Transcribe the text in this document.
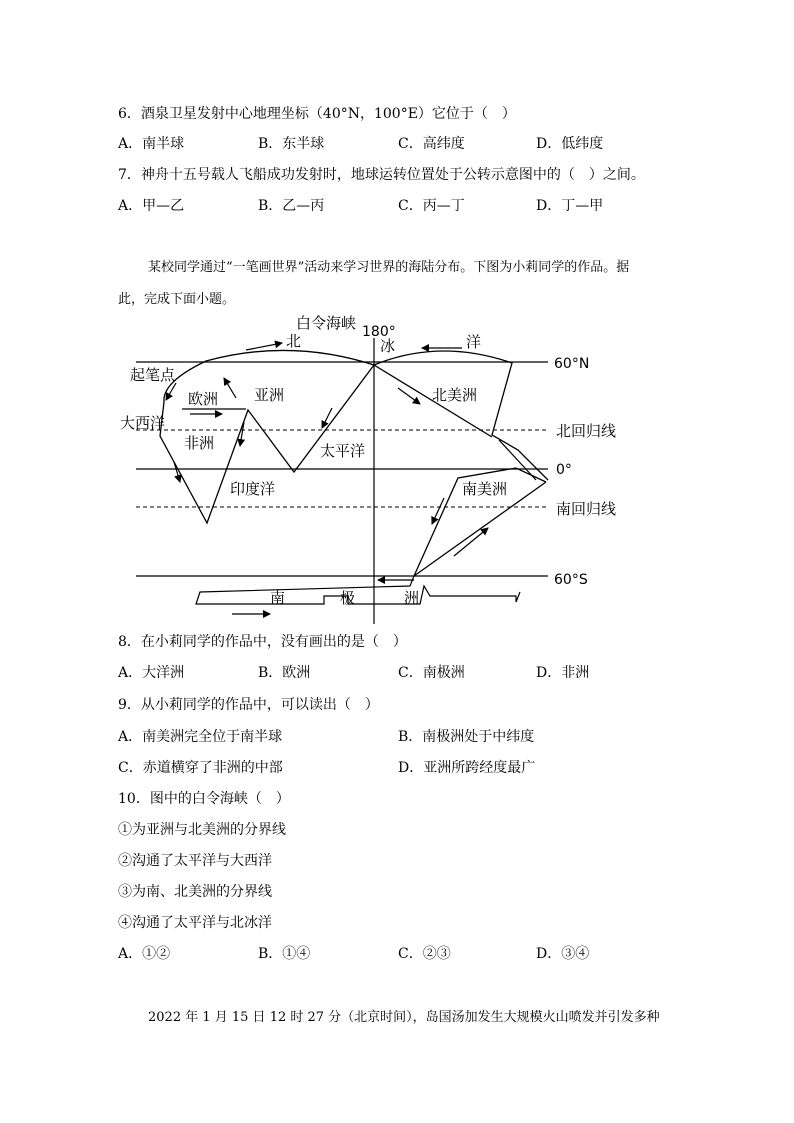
6．酒泉卫星发射中心地理坐标（40°N，100°E）它位于（　）
A．南半球	B．东半球	C．高纬度	D．低纬度
7．神舟十五号载人飞船成功发射时，地球运转位置处于公转示意图中的（　）之间。
A．甲—乙	B．乙—丙	C．丙—丁	D．丁—甲
某校同学通过“一笔画世界”活动来学习世界的海陆分布。下图为小莉同学的作品。据
此，完成下面小题。
白令海峡 180°
北	冰	洋
60°N
起笔点
欧洲 亚洲	北美洲
北回归线
大西洋
非洲	太平洋
0°
印度洋	南美洲
南回归线
60°S
南	极	洲
8．在小莉同学的作品中，没有画出的是（　）
A．大洋洲	B．欧洲	C．南极洲	D．非洲
9．从小莉同学的作品中，可以读出（　）
A．南美洲完全位于南半球	B．南极洲处于中纬度
C．赤道横穿了非洲的中部	D．亚洲所跨经度最广
10．图中的白令海峡（　）
①为亚洲与北美洲的分界线
②沟通了太平洋与大西洋
③为南、北美洲的分界线
④沟通了太平洋与北冰洋
A．①②	B．①④	C．②③	D．③④
2022 年 1 月 15 日 12 时 27 分（北京时间），岛国汤加发生大规模火山喷发并引发多种
